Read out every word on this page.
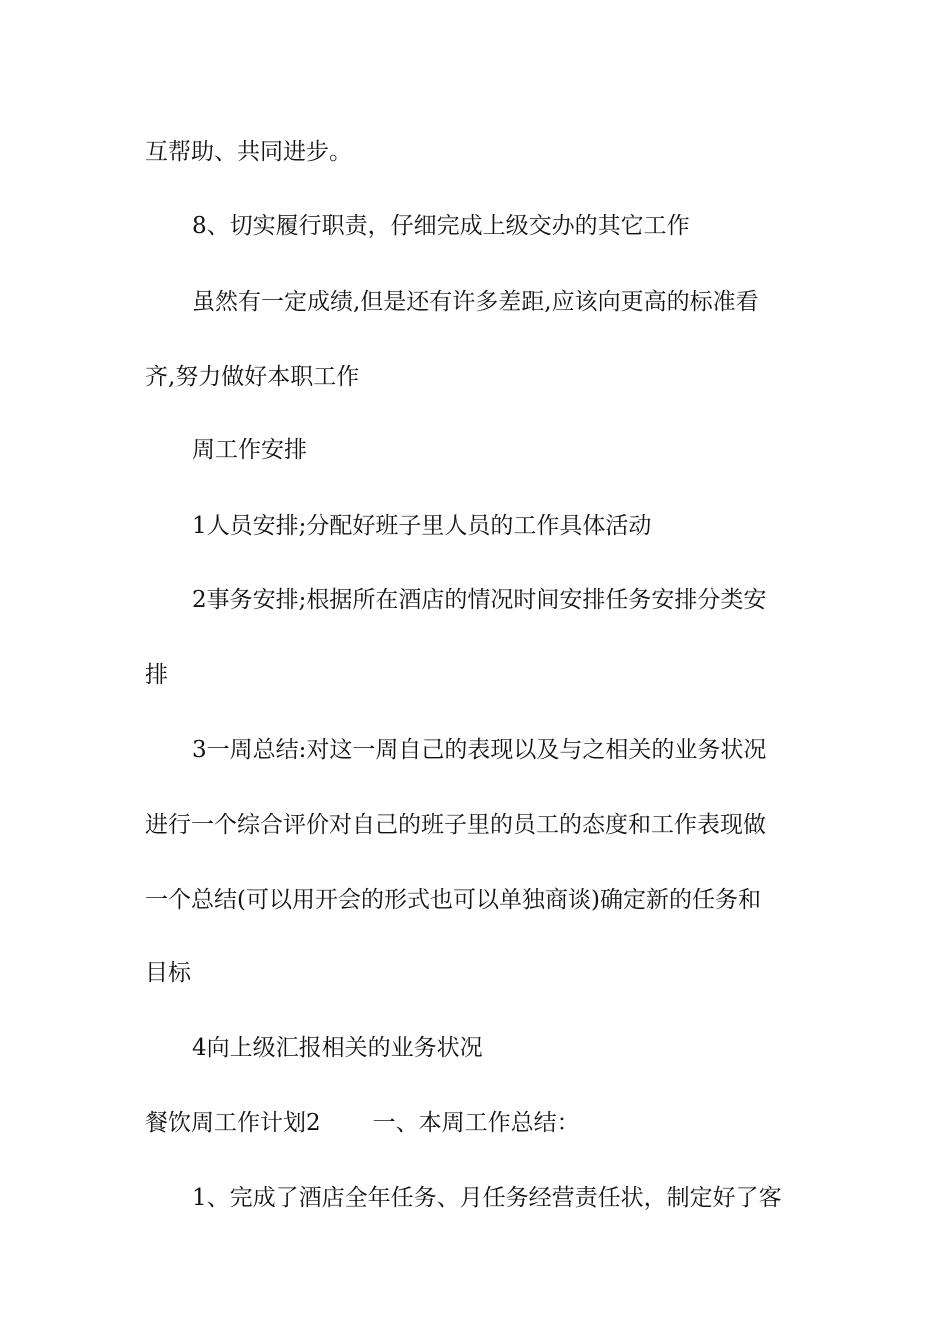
互帮助、共同进步。
8、切实履行职责，仔细完成上级交办的其它工作
虽然有一定成绩,但是还有许多差距,应该向更高的标准看
齐,努力做好本职工作
周工作安排
1人员安排;分配好班子里人员的工作具体活动
2事务安排;根据所在酒店的情况时间安排任务安排分类安
排
3一周总结:对这一周自己的表现以及与之相关的业务状况
进行一个综合评价对自己的班子里的员工的态度和工作表现做
一个总结(可以用开会的形式也可以单独商谈)确定新的任务和
目标
4向上级汇报相关的业务状况
餐饮周工作计划2 一、本周工作总结：
1、完成了酒店全年任务、月任务经营责任状，制定好了客
